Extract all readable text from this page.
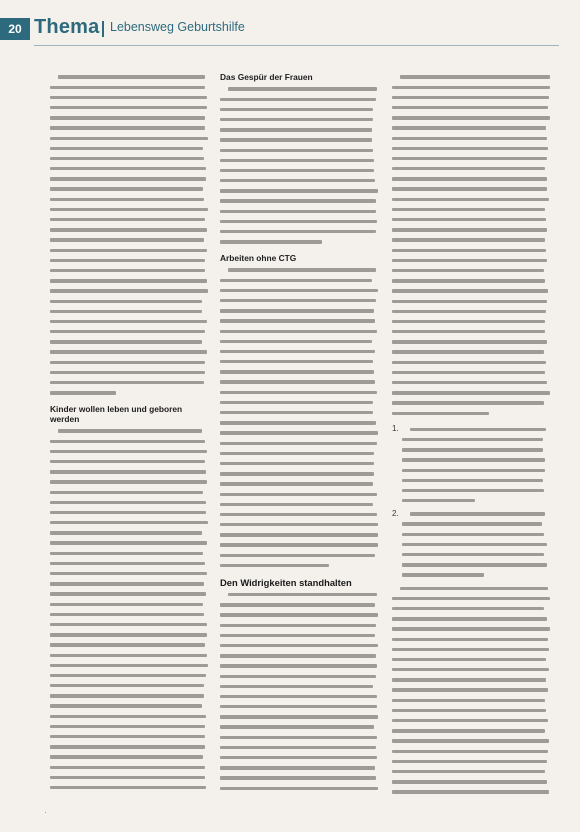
20 Thema Lebensweg Geburtshilfe
Kinder wollen leben und geboren werden
Das Gespür der Frauen
Arbeiten ohne CTG
Den Widrigkeiten standhalten
1.
2.
·
